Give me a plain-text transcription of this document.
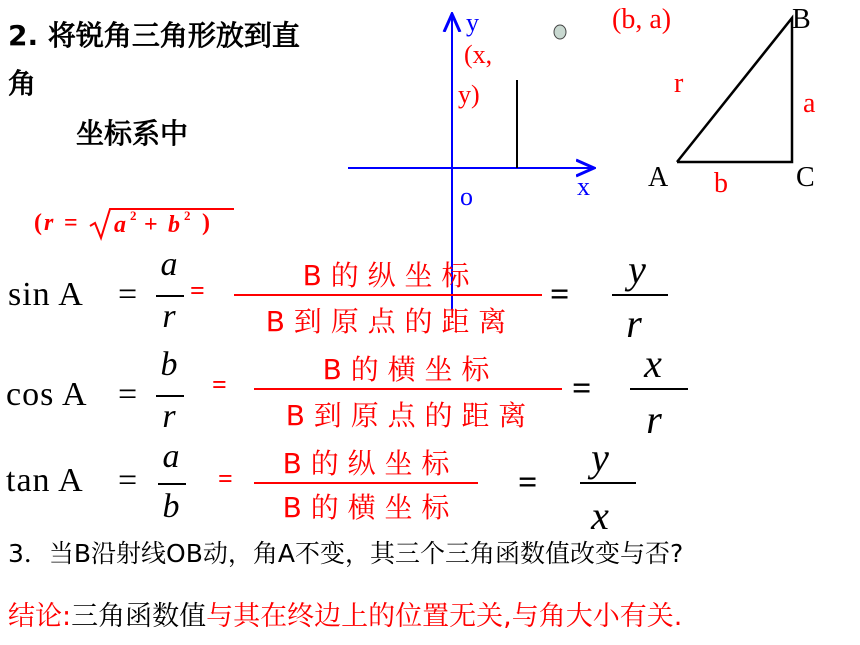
2. 将锐角三角形放到直
角
坐标系中
( r = a 2 + b 2 )
y
x
o
(x,
y)
(b, a)	B
A	C
r
a
b
sin A =
a
r
=	B 的 纵 坐 标
B 到 原 点 的 距 离
=
y
r
cos A =
b
r
=	B 的 横 坐 标
B 到 原 点 的 距 离
=
x
r
tan A =
a
b
=	B 的 纵 坐 标
B 的 横 坐 标
=
y
x
3．当B沿射线OB动，角A不变，其三个三角函数值改变与否?
结论:三角函数值与其在终边上的位置无关,与角大小有关.
